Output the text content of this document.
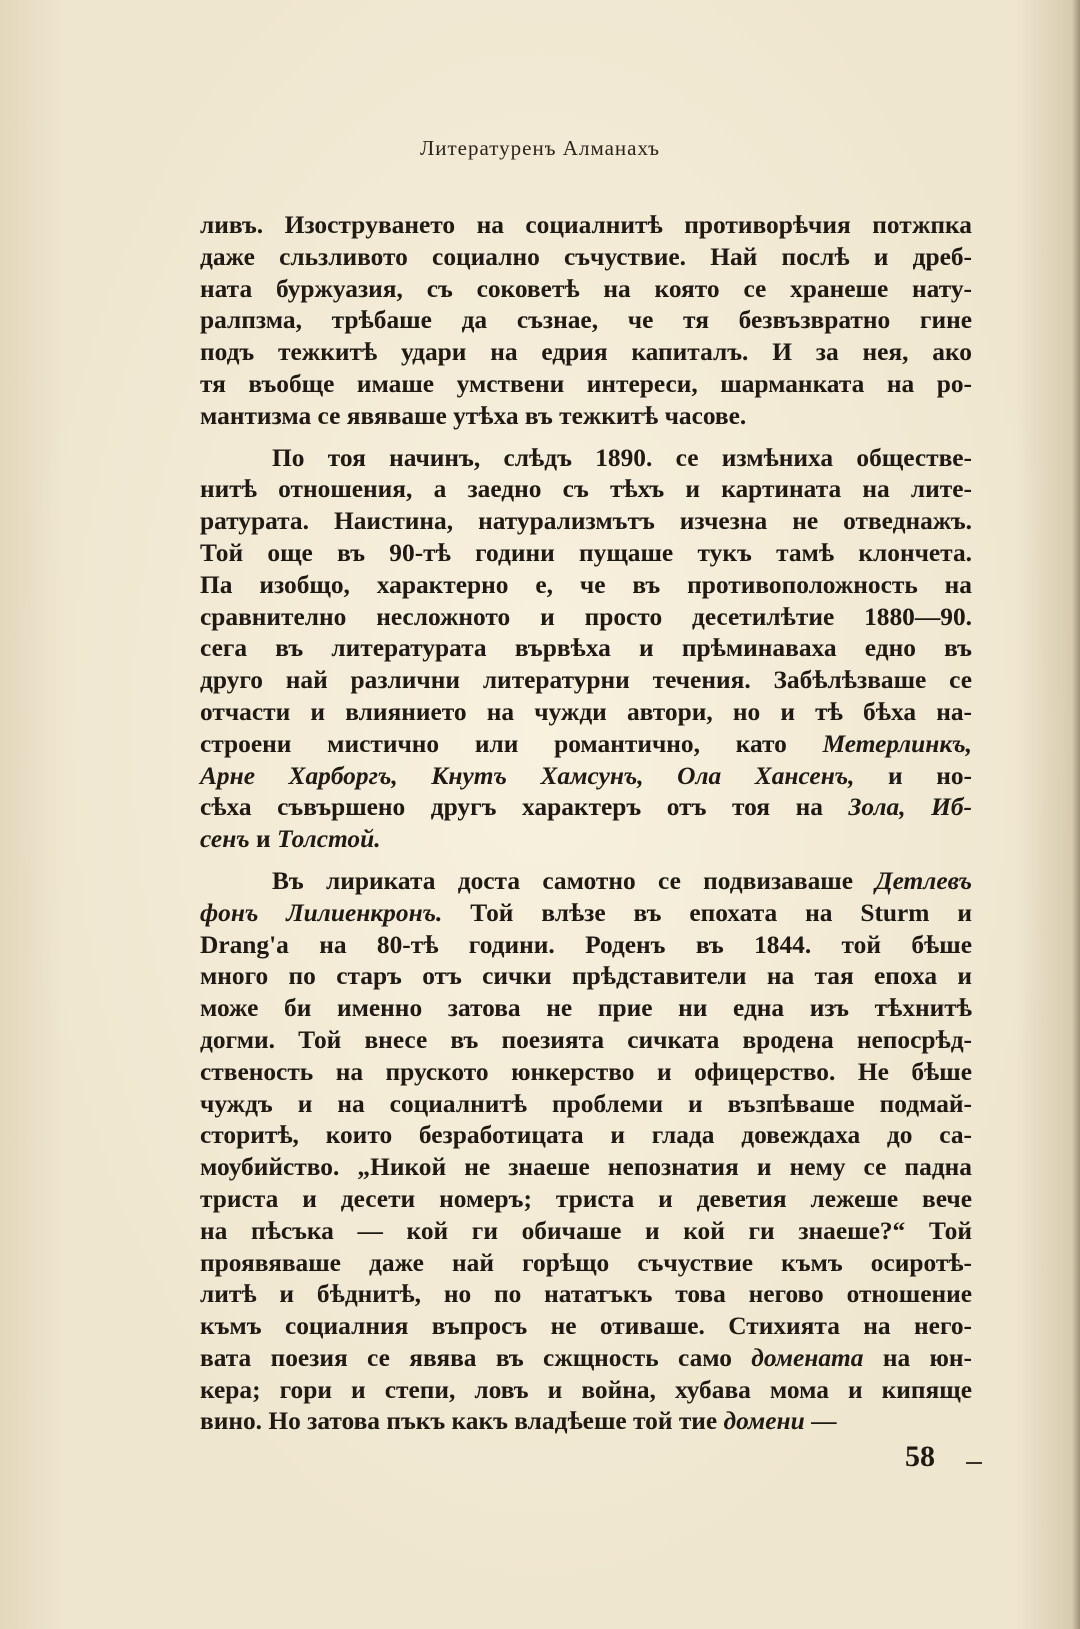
Литературенъ Алманахъ
ливъ. Изострyването на социалнитѣ противорѣчия потжпка
даже сльзливото социално съчуствие. Най послѣ и дреб-
ната буржуазия, съ соковетѣ на която се хранеше нату-
ралпзма, трѣбаше да съзнае, че тя безвъзвратно гине
подъ тежкитѣ удари на едрия капиталъ. И за нея, ако
тя въобще имаше умствени интереси, шарманката на ро-
мантизма се явяваше утѣха въ тежкитѣ часове.
По тоя начинъ, слѣдъ 1890. се измѣниха обществе-
нитѣ отношения, а заедно съ тѣхъ и картината на лите-
ратурата. Наистина, натурализмътъ изчезна не отведнажъ.
Той още въ 90-тѣ години пущаше тукъ тамѣ клончета.
Па изобщо, характерно е, че въ противоположность на
сравнително несложното и просто десетилѣтие 1880—90.
сега въ литературата вървѣха и прѣминаваха едно въ
друго най различни литературни течения. Забѣлѣзваше се
отчасти и влиянието на чужди автори, но и тѣ бѣха на-
строени мистично или романтично, като Метерлинкъ,
Арне Харборгъ, Кнутъ Хамсунъ, Ола Хансенъ, и но-
сѣха съвършено другъ характеръ отъ тоя на Зола, Иб-
сенъ и Толстой.
Въ лириката доста самотно се подвизаваше Детлевъ
фонъ Лилиенкронъ. Той влѣзе въ епохата на Sturm и
Drang'a на 80-тѣ години. Роденъ въ 1844. той бѣше
много по старъ отъ сички прѣдставители на тая епоха и
може би именно затова не прие ни една изъ тѣхнитѣ
догми. Той внесе въ поезията сичката вродена непосрѣд-
ственость на пруското юнкерство и офицерство. Не бѣше
чуждъ и на социалнитѣ проблеми и възпѣваше подмай-
сторитѣ, които безработицата и глада довеждаха до са-
моубийство. „Никой не знаеше непознатия и нему се падна
триста и десети номеръ; триста и деветия лежеше вече
на пѣсъка — кой ги обичаше и кой ги знаеше?“ Той
проявяваше даже най горѣщо съчуствие къмъ осиротѣ-
литѣ и бѣднитѣ, но по нататъкъ това негово отношение
къмъ социалния въпросъ не отиваше. Стихията на него-
вата поезия се явява въ сжщность само домената на юн-
кера; гори и степи, ловъ и война, хубава мома и кипяще
вино. Но затова пъкъ какъ владѣеше той тие домени —
58
